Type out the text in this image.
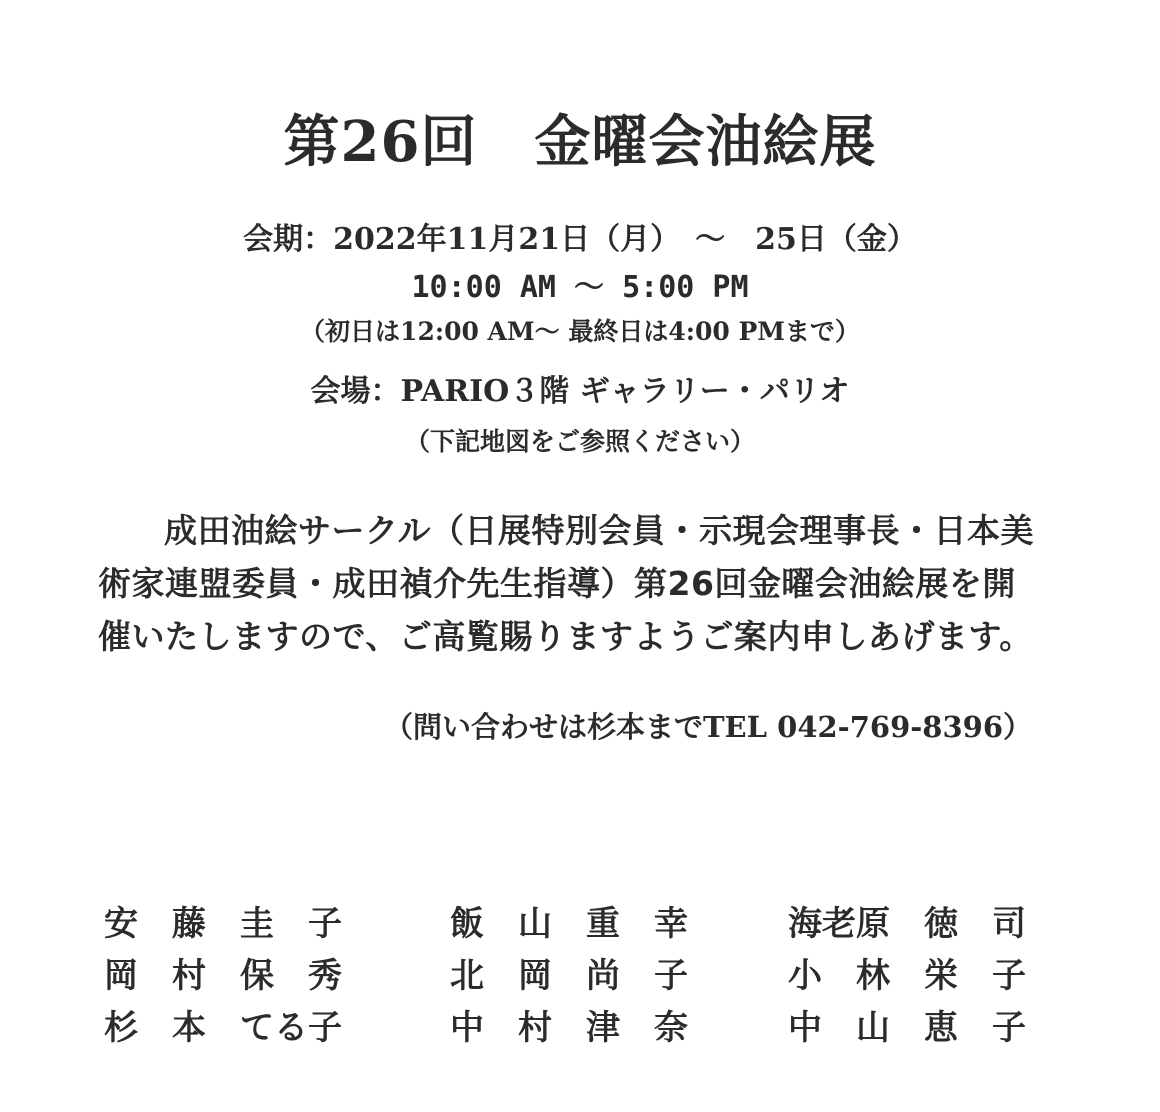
第26回　金曜会油絵展
会期：2022年11月21日（月）　～　25日（金）
10:00 AM ～ 5:00 PM
（初日は12:00 AM～ 最終日は4:00 PMまで）
会場：PARIO３階 ギャラリー・パリオ
（下記地図をご参照ください）
成田油絵サークル（日展特別会員・示現会理事長・日本美術家連盟委員・成田禎介先生指導）第26回金曜会油絵展を開催いたしますので、ご高覧賜りますようご案内申しあげます。
（問い合わせは杉本までTEL 042-769-8396）
安　藤　圭　子	飯　山　重　幸	海老原　徳　司
岡　村　保　秀	北　岡　尚　子	小　林　栄　子
杉　本　てる子	中　村　津　奈	中　山　恵　子
